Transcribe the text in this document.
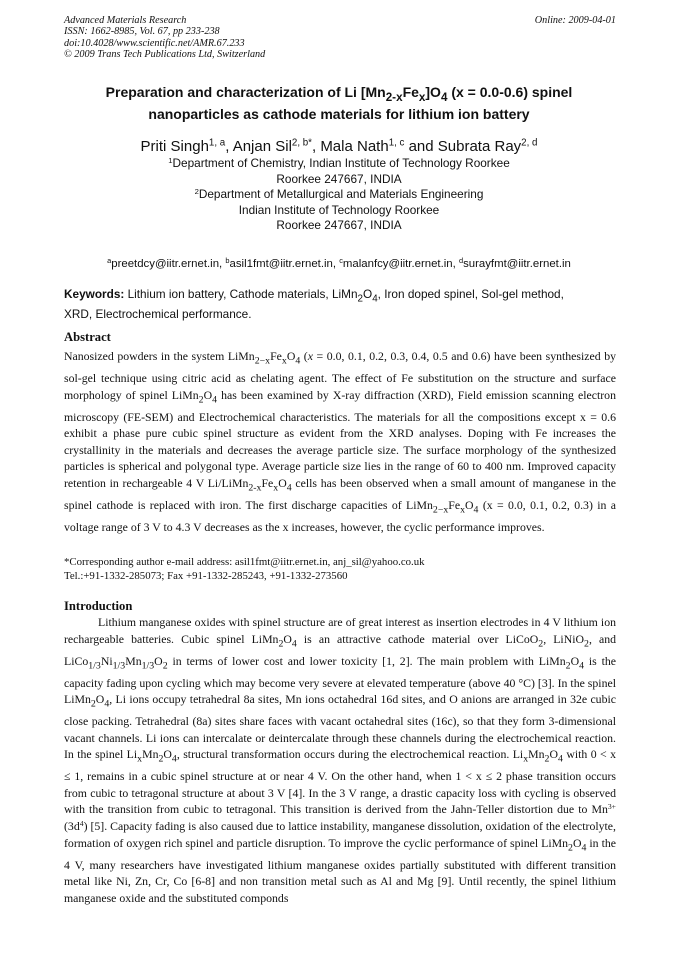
Advanced Materials Research
ISSN: 1662-8985, Vol. 67, pp 233-238
doi:10.4028/www.scientific.net/AMR.67.233
© 2009 Trans Tech Publications Ltd, Switzerland
Online: 2009-04-01
Preparation and characterization of Li $[Mn_{2-x}Fe_x]O_4$ (x = 0.0-0.6) spinel
nanoparticles as cathode materials for lithium ion battery
Priti Singh$^{1, a}$, Anjan Sil$^{2, b*}$, Mala Nath$^{1, c}$ and Subrata Ray$^{2, d}$
$^1$Department of Chemistry, Indian Institute of Technology Roorkee
Roorkee 247667, INDIA
$^2$Department of Metallurgical and Materials Engineering
Indian Institute of Technology Roorkee
Roorkee 247667, INDIA
$^a$preetdcy@iitr.ernet.in, $^b$asil1fmt@iitr.ernet.in, $^c$malanfcy@iitr.ernet.in, $^d$surayfmt@iitr.ernet.in
Keywords: Lithium ion battery, Cathode materials, $LiMn_2O_4$, Iron doped spinel, Sol-gel method,
XRD, Electrochemical performance.
Abstract
Nanosized powders in the system $LiMn_{2-x}Fe_xO_4$ (x = 0.0, 0.1, 0.2, 0.3, 0.4, 0.5 and 0.6) have been synthesized by sol-gel technique using citric acid as chelating agent. The effect of Fe substitution on the structure and surface morphology of spinel $LiMn_2O_4$ has been examined by X-ray diffraction (XRD), Field emission scanning electron microscopy (FE-SEM) and Electrochemical characteristics. The materials for all the compositions except x = 0.6 exhibit a phase pure cubic spinel structure as evident from the XRD analyses. Doping with Fe increases the crystallinity in the materials and decreases the average particle size. The surface morphology of the synthesized particles is spherical and polygonal type. Average particle size lies in the range of 60 to 400 nm. Improved capacity retention in rechargeable 4 V $Li/LiMn_{2-x}Fe_xO_4$ cells has been observed when a small amount of manganese in the spinel cathode is replaced with iron. The first discharge capacities of $LiMn_{2-x}Fe_xO_4$ (x = 0.0, 0.1, 0.2, 0.3) in a voltage range of 3 V to 4.3 V decreases as the x increases, however, the cyclic performance improves.
*Corresponding author e-mail address: asil1fmt@iitr.ernet.in, anj_sil@yahoo.co.uk
Tel.:+91-1332-285073; Fax +91-1332-285243, +91-1332-273560
Introduction
Lithium manganese oxides with spinel structure are of great interest as insertion electrodes in 4 V lithium ion rechargeable batteries. Cubic spinel $LiMn_2O_4$ is an attractive cathode material over LiCoO$_2$, LiNiO$_2$, and $LiCo_{1/3}Ni_{1/3}Mn_{1/3}O_2$ in terms of lower cost and lower toxicity [1, 2]. The main problem with $LiMn_2O_4$ is the capacity fading upon cycling which may become very severe at elevated temperature (above 40 °C) [3]. In the spinel $LiMn_2O_4$, Li ions occupy tetrahedral 8a sites, Mn ions octahedral 16d sites, and O anions are arranged in 32e cubic close packing. Tetrahedral (8a) sites share faces with vacant octahedral sites (16c), so that they form 3-dimensional vacant channels. Li ions can intercalate or deintercalate through these channels during the electrochemical reaction. In the spinel $Li_xMn_2O_4$, structural transformation occurs during the electrochemical reaction. $Li_xMn_2O_4$ with 0 < x ≤ 1, remains in a cubic spinel structure at or near 4 V. On the other hand, when 1 < x ≤ 2 phase transition occurs from cubic to tetragonal structure at about 3 V [4]. In the 3 V range, a drastic capacity loss with cycling is observed with the transition from cubic to tetragonal. This transition is derived from the Jahn-Teller distortion due to $Mn^{3+}(3d^4)$ [5]. Capacity fading is also caused due to lattice instability, manganese dissolution, oxidation of the electrolyte, formation of oxygen rich spinel and particle disruption. To improve the cyclic performance of spinel $LiMn_2O_4$ in the 4 V, many researchers have investigated lithium manganese oxides partially substituted with different transition metal like Ni, Zn, Cr, Co [6-8] and non transition metal such as Al and Mg [9]. Until recently, the spinel lithium manganese oxide and the substituted componds
